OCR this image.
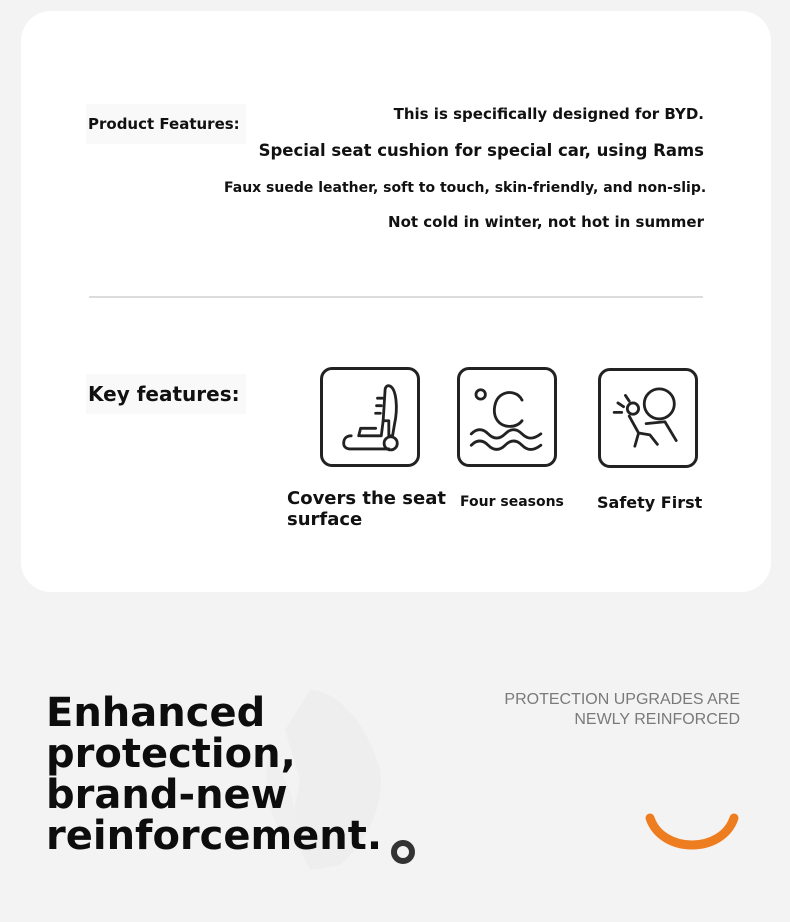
Product Features:
This is specifically designed for BYD.
Special seat cushion for special car, using Rams
Faux suede leather, soft to touch, skin-friendly, and non-slip.
Not cold in winter, not hot in summer
Key features:
Covers the seat surface
Four seasons Safety First
Enhanced protection, brand-new reinforcement.
PROTECTION UPGRADES ARE NEWLY REINFORCED
